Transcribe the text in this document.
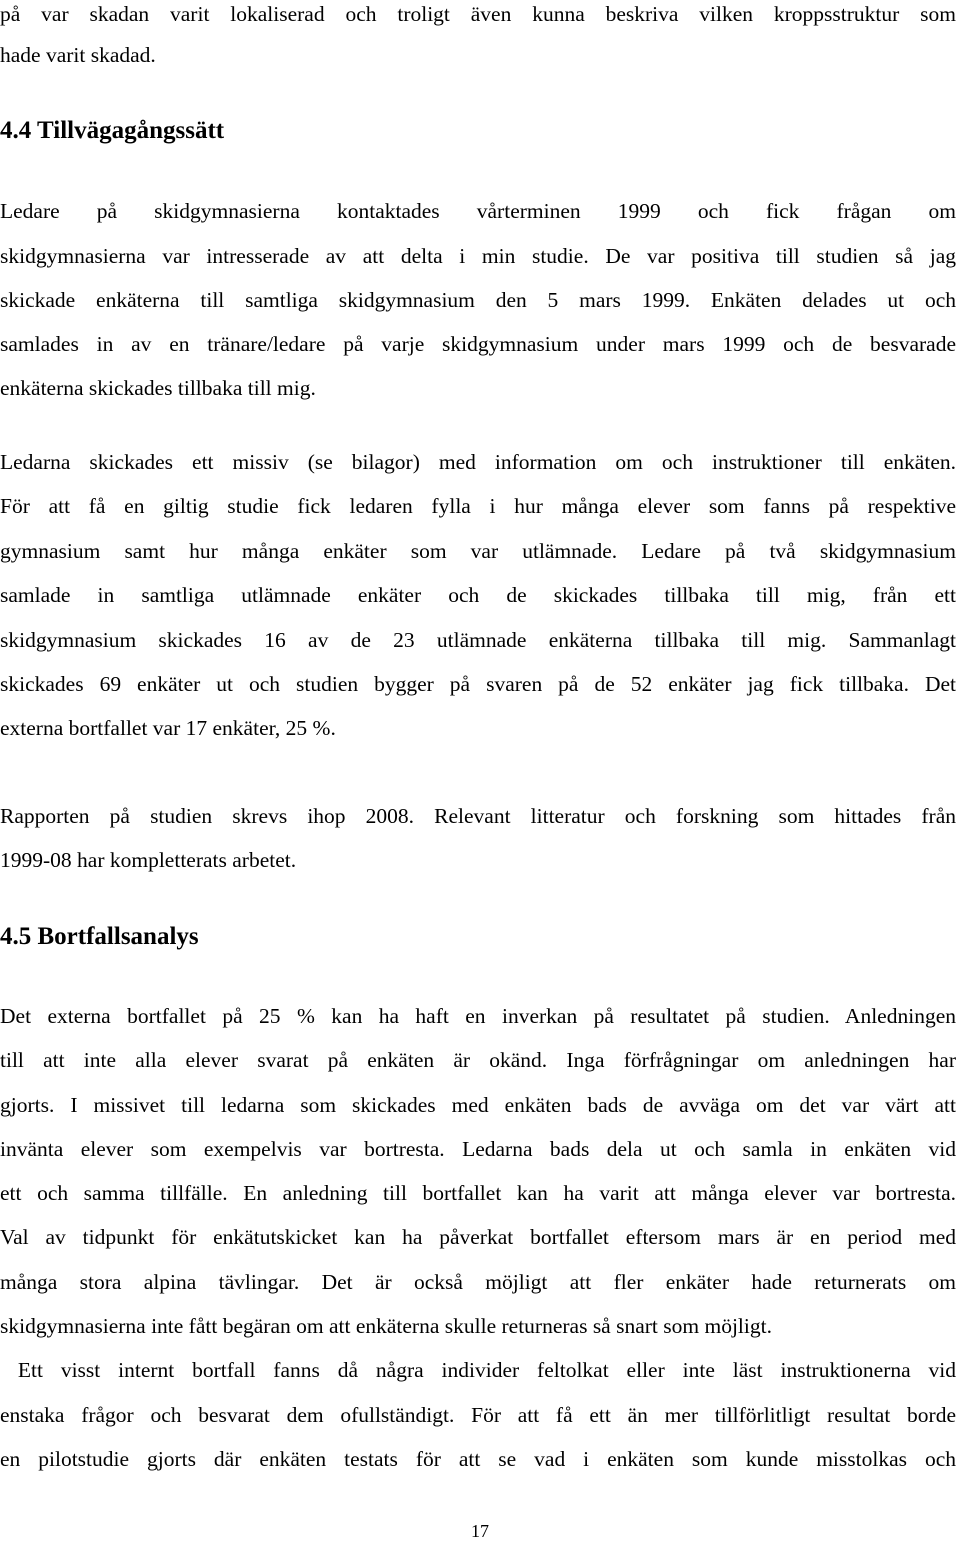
på var skadan varit lokaliserad och troligt även kunna beskriva vilken kroppsstruktur som
hade varit skadad.
4.4 Tillvägagångssätt
Ledare på skidgymnasierna kontaktades vårterminen 1999 och fick frågan om
skidgymnasierna var intresserade av att delta i min studie. De var positiva till studien så jag
skickade enkäterna till samtliga skidgymnasium den 5 mars 1999. Enkäten delades ut och
samlades in av en tränare/ledare på varje skidgymnasium under mars 1999 och de besvarade
enkäterna skickades tillbaka till mig.
Ledarna skickades ett missiv (se bilagor) med information om och instruktioner till enkäten.
För att få en giltig studie fick ledaren fylla i hur många elever som fanns på respektive
gymnasium samt hur många enkäter som var utlämnade. Ledare på två skidgymnasium
samlade in samtliga utlämnade enkäter och de skickades tillbaka till mig, från ett
skidgymnasium skickades 16 av de 23 utlämnade enkäterna tillbaka till mig. Sammanlagt
skickades 69 enkäter ut och studien bygger på svaren på de 52 enkäter jag fick tillbaka. Det
externa bortfallet var 17 enkäter, 25 %.
Rapporten på studien skrevs ihop 2008. Relevant litteratur och forskning som hittades från
1999-08 har kompletterats arbetet.
4.5 Bortfallsanalys
Det externa bortfallet på 25 % kan ha haft en inverkan på resultatet på studien. Anledningen
till att inte alla elever svarat på enkäten är okänd. Inga förfrågningar om anledningen har
gjorts. I missivet till ledarna som skickades med enkäten bads de avväga om det var värt att
invänta elever som exempelvis var bortresta. Ledarna bads dela ut och samla in enkäten vid
ett och samma tillfälle. En anledning till bortfallet kan ha varit att många elever var bortresta.
Val av tidpunkt för enkätutskicket kan ha påverkat bortfallet eftersom mars är en period med
många stora alpina tävlingar. Det är också möjligt att fler enkäter hade returnerats om
skidgymnasierna inte fått begäran om att enkäterna skulle returneras så snart som möjligt.
Ett visst internt bortfall fanns då några individer feltolkat eller inte läst instruktionerna vid
enstaka frågor och besvarat dem ofullständigt. För att få ett än mer tillförlitligt resultat borde
en pilotstudie gjorts där enkäten testats för att se vad i enkäten som kunde misstolkas och
17
